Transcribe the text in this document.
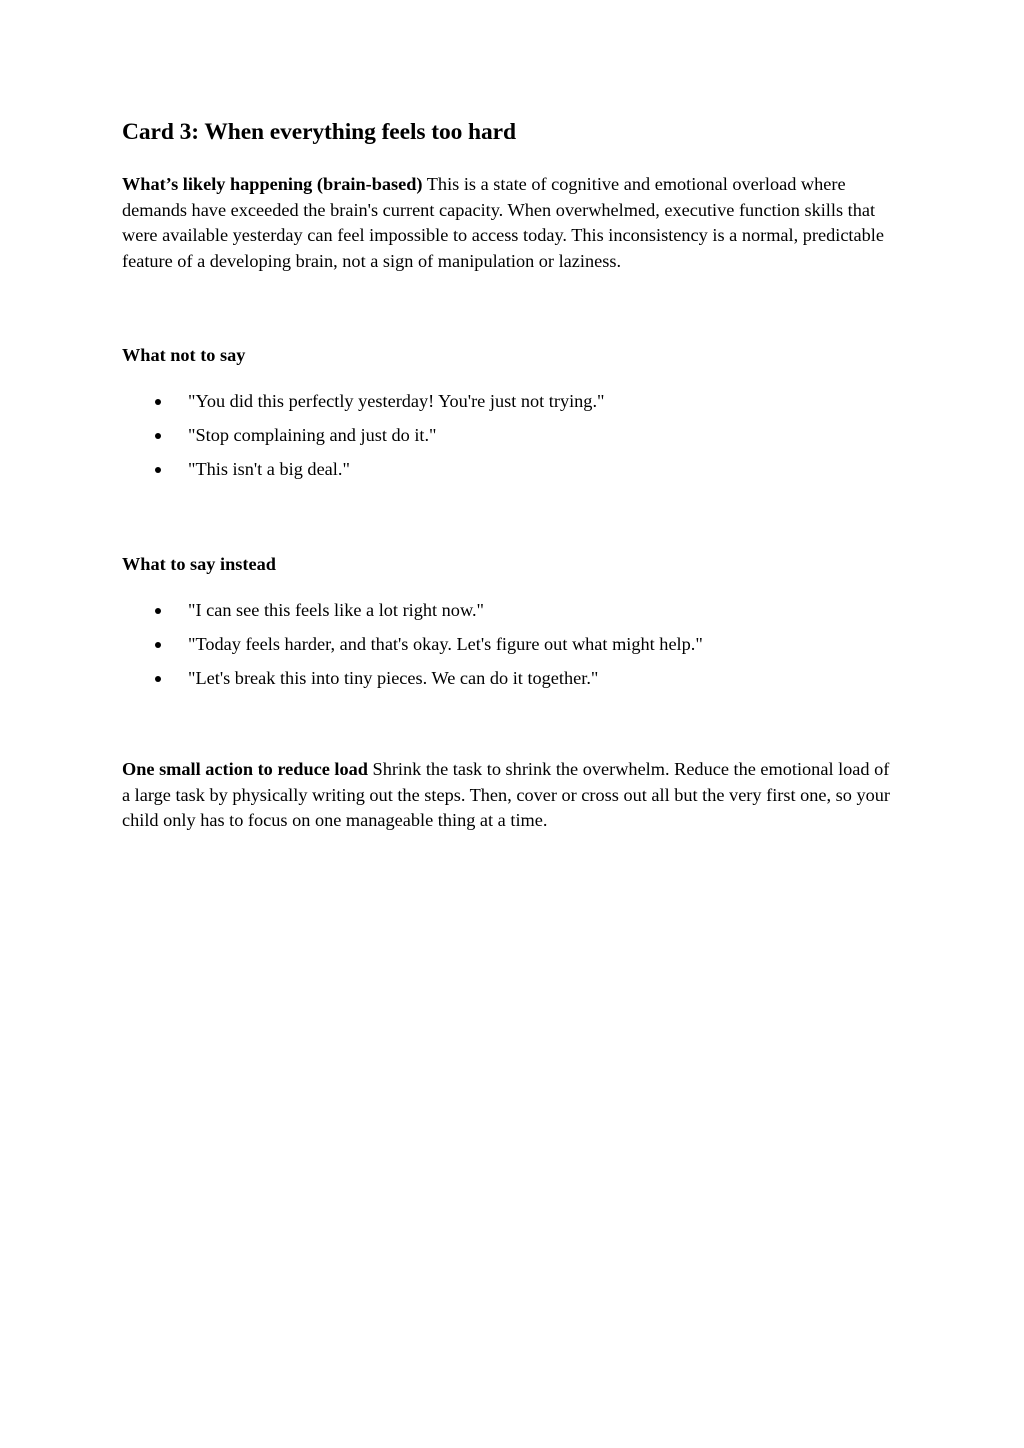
Card 3: When everything feels too hard

What’s likely happening (brain-based) This is a state of cognitive and emotional overload where demands have exceeded the brain's current capacity. When overwhelmed, executive function skills that were available yesterday can feel impossible to access today. This inconsistency is a normal, predictable feature of a developing brain, not a sign of manipulation or laziness.

What not to say
"You did this perfectly yesterday! You're just not trying."
"Stop complaining and just do it."
"This isn't a big deal."
What to say instead
"I can see this feels like a lot right now."
"Today feels harder, and that's okay. Let's figure out what might help."
"Let's break this into tiny pieces. We can do it together."

One small action to reduce load Shrink the task to shrink the overwhelm. Reduce the emotional load of a large task by physically writing out the steps. Then, cover or cross out all but the very first one, so your child only has to focus on one manageable thing at a time.
